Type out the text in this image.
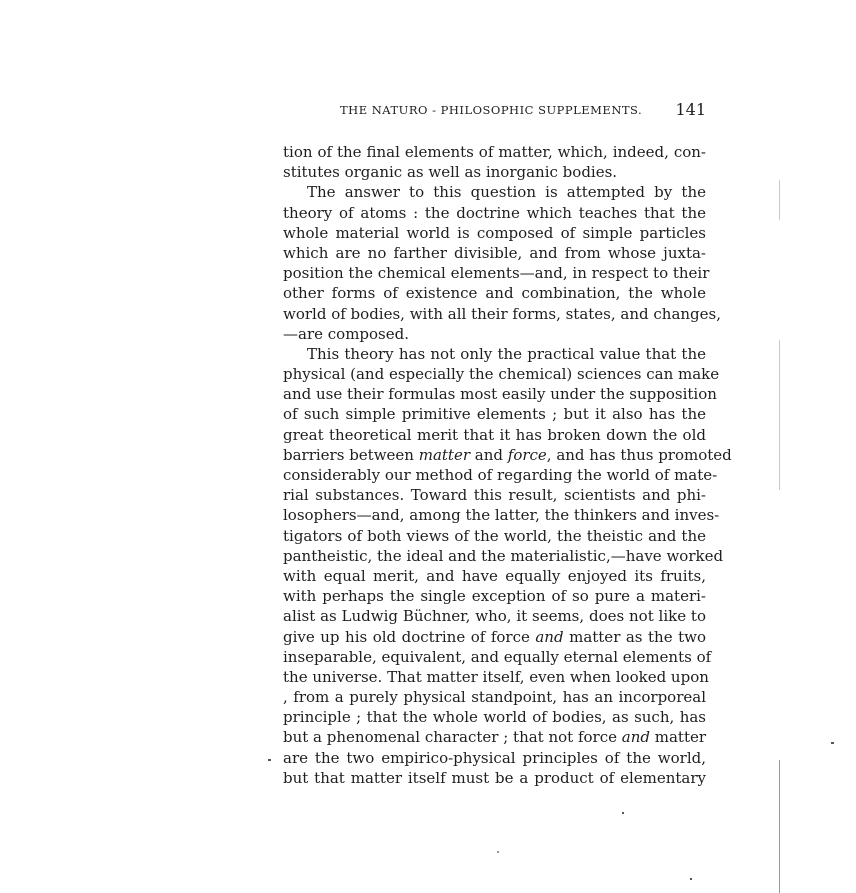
THE NATURO - PHILOSOPHIC SUPPLEMENTS. 141
tion of the final elements of matter, which, indeed, con-
stitutes organic as well as inorganic bodies.
The answer to this question is attempted by the
theory of atoms : the doctrine which teaches that the
whole material world is composed of simple particles
which are no farther divisible, and from whose juxta-
position the chemical elements—and, in respect to their
other forms of existence and combination, the whole
world of bodies, with all their forms, states, and changes,
—are composed.
This theory has not only the practical value that the
physical (and especially the chemical) sciences can make
and use their formulas most easily under the supposition
of such simple primitive elements ; but it also has the
great theoretical merit that it has broken down the old
barriers between matter and force, and has thus promoted
considerably our method of regarding the world of mate-
rial substances. Toward this result, scientists and phi-
losophers—and, among the latter, the thinkers and inves-
tigators of both views of the world, the theistic and the
pantheistic, the ideal and the materialistic,—have worked
with equal merit, and have equally enjoyed its fruits,
with perhaps the single exception of so pure a materi-
alist as Ludwig Büchner, who, it seems, does not like to
give up his old doctrine of force and matter as the two
inseparable, equivalent, and equally eternal elements of
the universe. That matter itself, even when looked upon
, from a purely physical standpoint, has an incorporeal
principle ; that the whole world of bodies, as such, has
but a phenomenal character ; that not force and matter
are the two empirico-physical principles of the world,
but that matter itself must be a product of elementary
